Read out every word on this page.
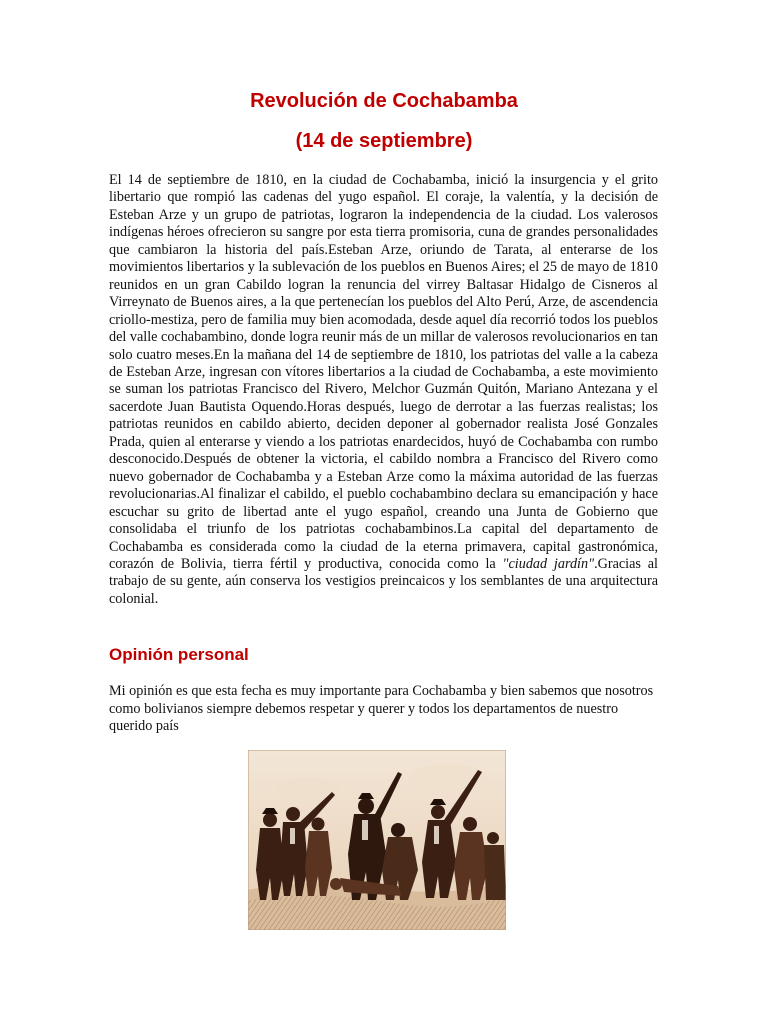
Revolución de Cochabamba
(14 de septiembre)

El 14 de septiembre de 1810, en la ciudad de Cochabamba, inició la insurgencia y el grito libertario que rompió las cadenas del yugo español. El coraje, la valentía, y la decisión de Esteban Arze y un grupo de patriotas, lograron la independencia de la ciudad. Los valerosos indígenas héroes ofrecieron su sangre por esta tierra promisoria, cuna de grandes personalidades que cambiaron la historia del país.Esteban Arze, oriundo de Tarata, al enterarse de los movimientos libertarios y la sublevación de los pueblos en Buenos Aires; el 25 de mayo de 1810 reunidos en un gran Cabildo logran la renuncia del virrey Baltasar Hidalgo de Cisneros al Virreynato de Buenos aires, a la que pertenecían los pueblos del Alto Perú, Arze, de ascendencia criollo-mestiza, pero de familia muy bien acomodada, desde aquel día recorrió todos los pueblos del valle cochabambino, donde logra reunir más de un millar de valerosos revolucionarios en tan solo cuatro meses.En la mañana del 14 de septiembre de 1810, los patriotas del valle a la cabeza de Esteban Arze, ingresan con vítores libertarios a la ciudad de Cochabamba, a este movimiento se suman los patriotas Francisco del Rivero, Melchor Guzmán Quitón, Mariano Antezana y el sacerdote Juan Bautista Oquendo.Horas después, luego de derrotar a las fuerzas realistas; los patriotas reunidos en cabildo abierto, deciden deponer al gobernador realista José Gonzales Prada, quien al enterarse y viendo a los patriotas enardecidos, huyó de Cochabamba con rumbo desconocido.Después de obtener la victoria, el cabildo nombra a Francisco del Rivero como nuevo gobernador de Cochabamba y a Esteban Arze como la máxima autoridad de las fuerzas revolucionarias.Al finalizar el cabildo, el pueblo cochabambino declara su emancipación y hace escuchar su grito de libertad ante el yugo español, creando una Junta de Gobierno que consolidaba el triunfo de los patriotas cochabambinos.La capital del departamento de Cochabamba es considerada como la ciudad de la eterna primavera, capital gastronómica, corazón de Bolivia, tierra fértil y productiva, conocida como la "ciudad jardín".Gracias al trabajo de su gente, aún conserva los vestigios preincaicos y los semblantes de una arquitectura colonial.

Opinión personal

Mi opinión es que esta fecha es muy importante para Cochabamba y bien sabemos que nosotros como bolivianos siempre debemos respetar y querer y todos los departamentos de nuestro querido país
